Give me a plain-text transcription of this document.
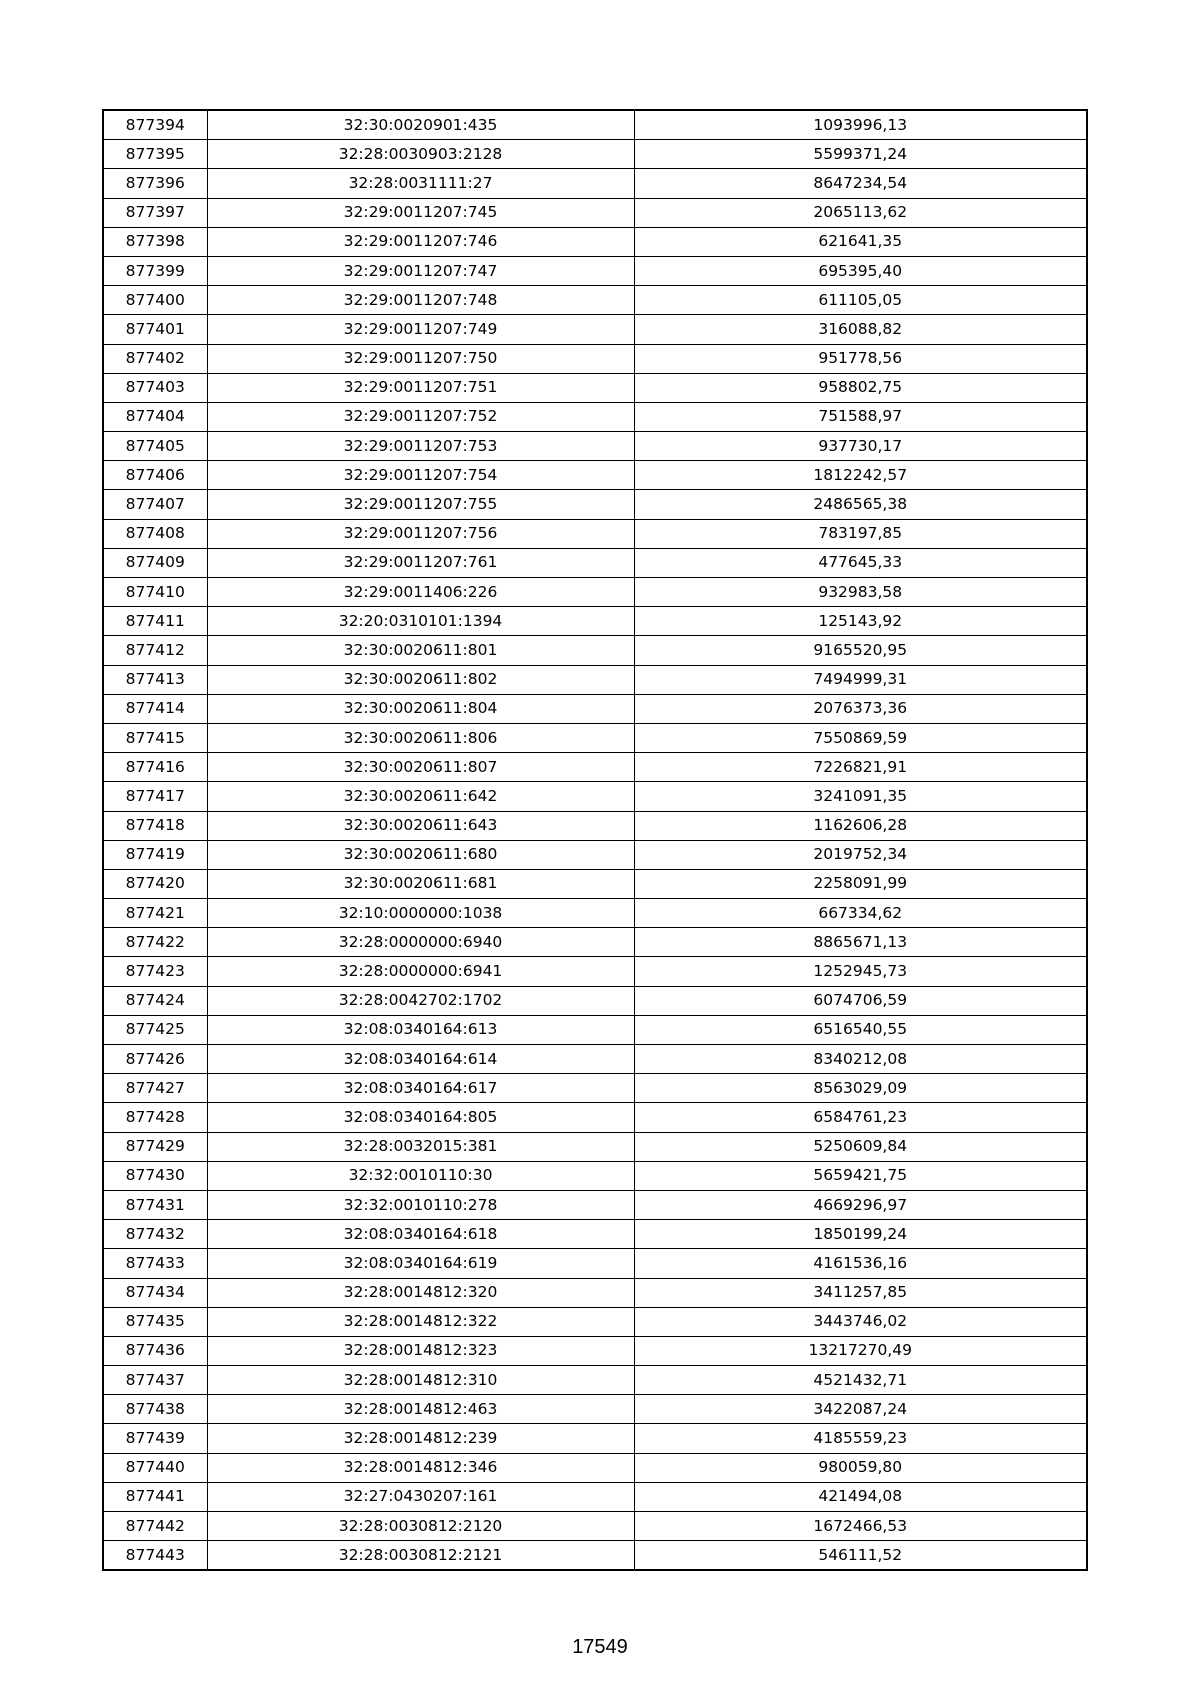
877394	32:30:0020901:435	1093996,13
877395	32:28:0030903:2128	5599371,24
877396	32:28:0031111:27	8647234,54
877397	32:29:0011207:745	2065113,62
877398	32:29:0011207:746	621641,35
877399	32:29:0011207:747	695395,40
877400	32:29:0011207:748	611105,05
877401	32:29:0011207:749	316088,82
877402	32:29:0011207:750	951778,56
877403	32:29:0011207:751	958802,75
877404	32:29:0011207:752	751588,97
877405	32:29:0011207:753	937730,17
877406	32:29:0011207:754	1812242,57
877407	32:29:0011207:755	2486565,38
877408	32:29:0011207:756	783197,85
877409	32:29:0011207:761	477645,33
877410	32:29:0011406:226	932983,58
877411	32:20:0310101:1394	125143,92
877412	32:30:0020611:801	9165520,95
877413	32:30:0020611:802	7494999,31
877414	32:30:0020611:804	2076373,36
877415	32:30:0020611:806	7550869,59
877416	32:30:0020611:807	7226821,91
877417	32:30:0020611:642	3241091,35
877418	32:30:0020611:643	1162606,28
877419	32:30:0020611:680	2019752,34
877420	32:30:0020611:681	2258091,99
877421	32:10:0000000:1038	667334,62
877422	32:28:0000000:6940	8865671,13
877423	32:28:0000000:6941	1252945,73
877424	32:28:0042702:1702	6074706,59
877425	32:08:0340164:613	6516540,55
877426	32:08:0340164:614	8340212,08
877427	32:08:0340164:617	8563029,09
877428	32:08:0340164:805	6584761,23
877429	32:28:0032015:381	5250609,84
877430	32:32:0010110:30	5659421,75
877431	32:32:0010110:278	4669296,97
877432	32:08:0340164:618	1850199,24
877433	32:08:0340164:619	4161536,16
877434	32:28:0014812:320	3411257,85
877435	32:28:0014812:322	3443746,02
877436	32:28:0014812:323	13217270,49
877437	32:28:0014812:310	4521432,71
877438	32:28:0014812:463	3422087,24
877439	32:28:0014812:239	4185559,23
877440	32:28:0014812:346	980059,80
877441	32:27:0430207:161	421494,08
877442	32:28:0030812:2120	1672466,53
877443	32:28:0030812:2121	546111,52
17549
